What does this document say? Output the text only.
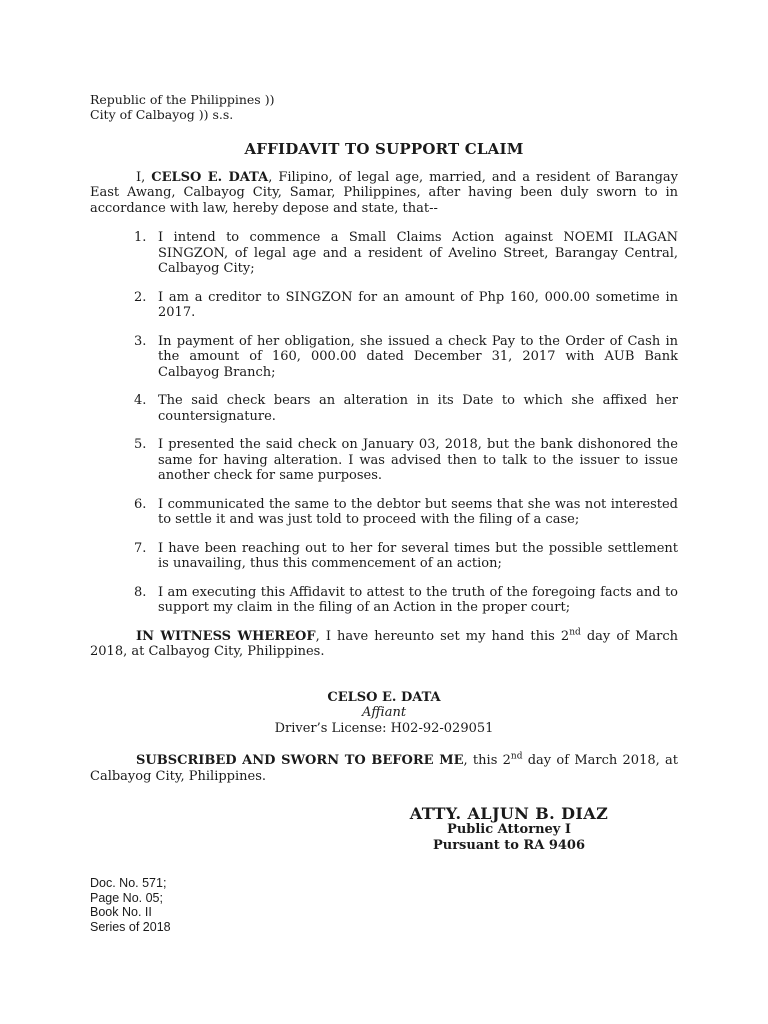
Republic of the Philippines ))
City of Calbayog )) s.s.
AFFIDAVIT TO SUPPORT CLAIM

I, CELSO E. DATA, Filipino, of legal age, married, and a resident of Barangay East Awang, Calbayog City, Samar, Philippines, after having been duly sworn to in accordance with law, hereby depose and state, that--

1. I intend to commence a Small Claims Action against NOEMI ILAGAN SINGZON, of legal age and a resident of Avelino Street, Barangay Central, Calbayog City;
2. I am a creditor to SINGZON for an amount of Php 160, 000.00 sometime in 2017.
3. In payment of her obligation, she issued a check Pay to the Order of Cash in the amount of 160, 000.00 dated December 31, 2017 with AUB Bank Calbayog Branch;
4. The said check bears an alteration in its Date to which she affixed her countersignature.
5. I presented the said check on January 03, 2018, but the bank dishonored the same for having alteration. I was advised then to talk to the issuer to issue another check for same purposes.
6. I communicated the same to the debtor but seems that she was not interested to settle it and was just told to proceed with the filing of a case;
7. I have been reaching out to her for several times but the possible settlement is unavailing, thus this commencement of an action;
8. I am executing this Affidavit to attest to the truth of the foregoing facts and to support my claim in the filing of an Action in the proper court;

IN WITNESS WHEREOF, I have hereunto set my hand this 2nd day of March 2018, at Calbayog City, Philippines.

CELSO E. DATA
Affiant
Driver’s License: H02-92-029051

SUBSCRIBED AND SWORN TO BEFORE ME, this 2nd day of March 2018, at Calbayog City, Philippines.

ATTY. ALJUN B. DIAZ
Public Attorney I
Pursuant to RA 9406
Doc. No. 571;
Page No. 05;
Book No. II
Series of 2018
